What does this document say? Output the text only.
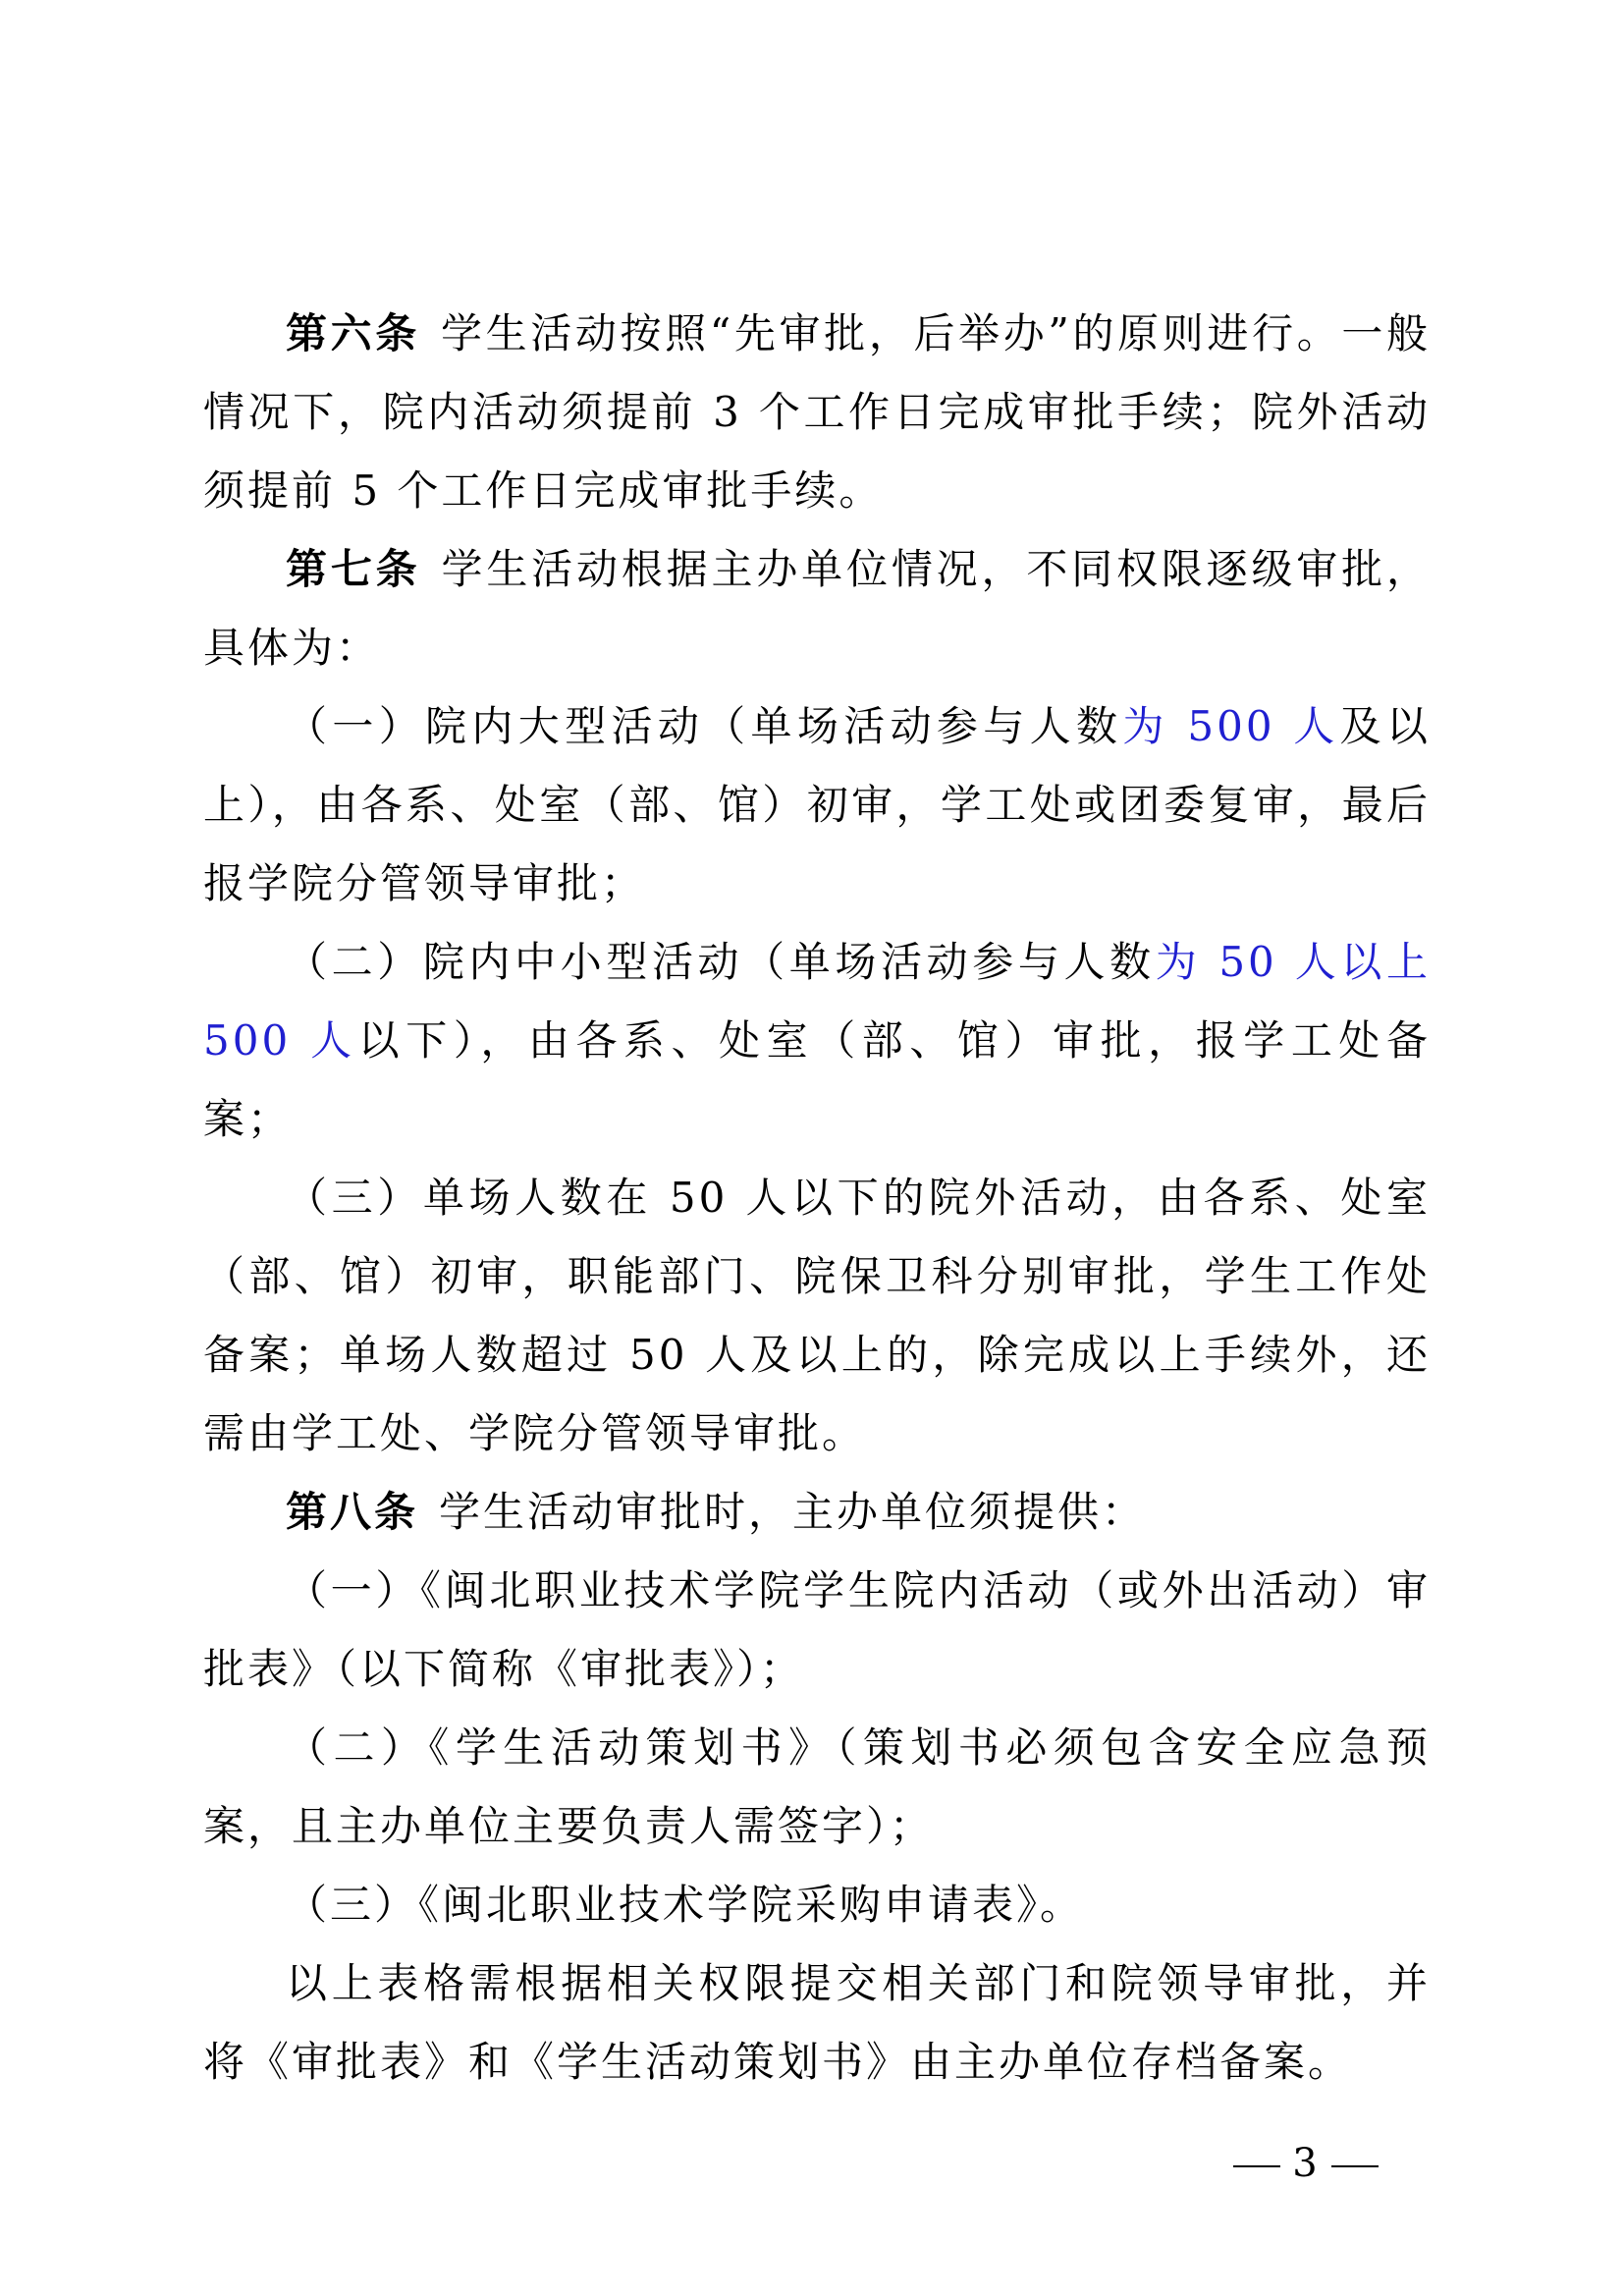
第六条 学生活动按照“先审批，后举办”的原则进行。一般情况下，院内活动须提前 3 个工作日完成审批手续；院外活动须提前 5 个工作日完成审批手续。

第七条 学生活动根据主办单位情况，不同权限逐级审批，具体为：

（一）院内大型活动（单场活动参与人数为 500 人及以上），由各系、处室（部、馆）初审，学工处或团委复审，最后报学院分管领导审批；

（二）院内中小型活动（单场活动参与人数为 50 人以上 500 人以下），由各系、处室（部、馆）审批，报学工处备案；

（三）单场人数在 50 人以下的院外活动，由各系、处室（部、馆）初审，职能部门、院保卫科分别审批，学生工作处备案；单场人数超过 50 人及以上的，除完成以上手续外，还需由学工处、学院分管领导审批。

第八条 学生活动审批时，主办单位须提供：

（一）《闽北职业技术学院学生院内活动（或外出活动）审批表》（以下简称《审批表》）；

（二）《学生活动策划书》（策划书必须包含安全应急预案，且主办单位主要负责人需签字）；

（三）《闽北职业技术学院采购申请表》。

以上表格需根据相关权限提交相关部门和院领导审批，并将《审批表》和《学生活动策划书》由主办单位存档备案。

3
